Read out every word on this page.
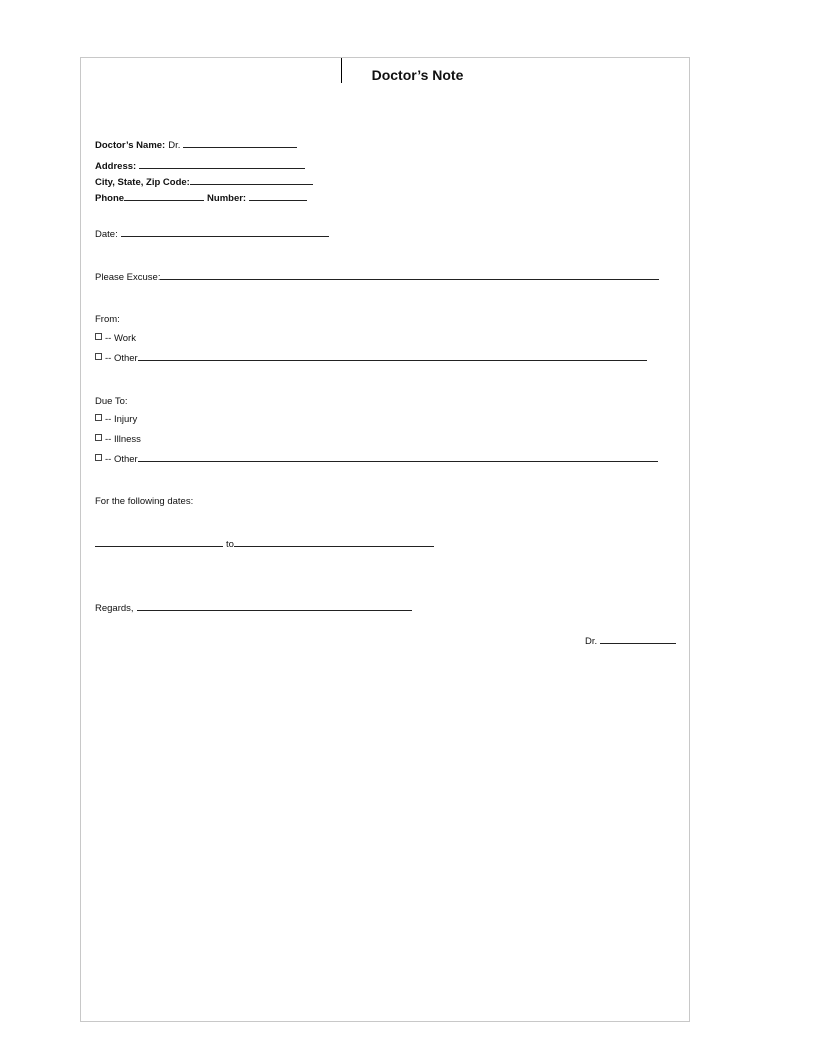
Doctor’s Note
Doctor’s Name: Dr.
Address:
City, State, Zip Code:
Phone	Number:
Date:
Please Excuse:
From:
-- Work
-- Other
Due To:
-- Injury
-- Illness
-- Other
For the following dates:
to
Regards,
Dr.
